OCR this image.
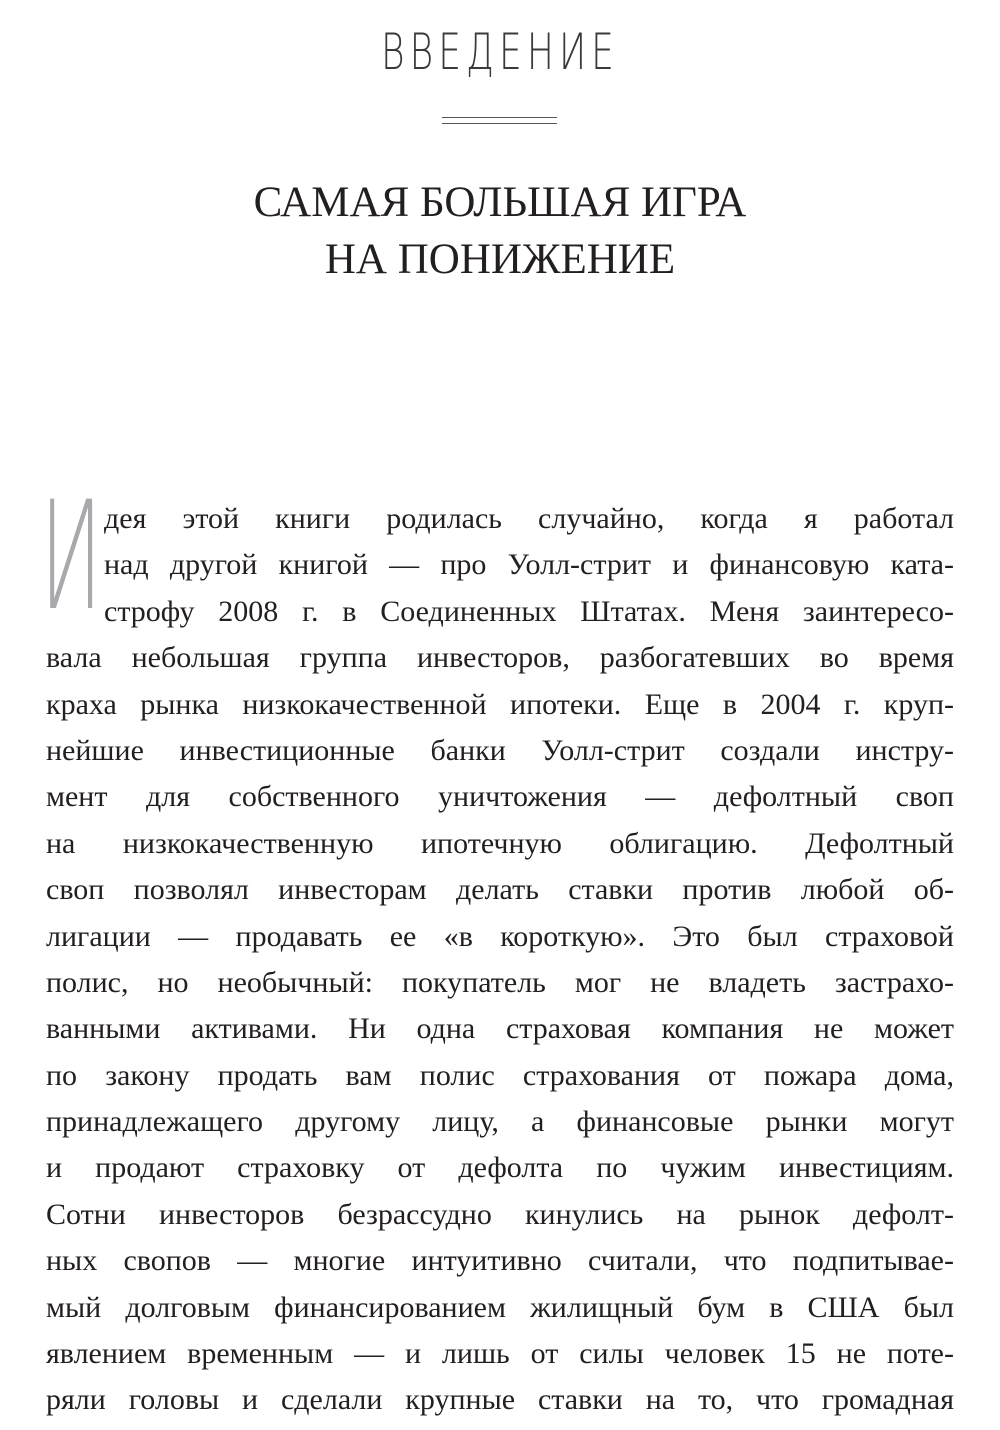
ВВЕДЕНИЕ
САМАЯ БОЛЬШАЯ ИГРА
НА ПОНИЖЕНИЕ
И дея этой книги родилась случайно, когда я работал
над другой книгой — про Уолл-стрит и финансовую ката-
строфу 2008 г. в Соединенных Штатах. Меня заинтересо-
вала небольшая группа инвесторов, разбогатевших во время
краха рынка низкокачественной ипотеки. Еще в 2004 г. круп-
нейшие инвестиционные банки Уолл-стрит создали инстру-
мент для собственного уничтожения — дефолтный своп
на низкокачественную ипотечную облигацию. Дефолтный
своп позволял инвесторам делать ставки против любой об-
лигации — продавать ее «в короткую». Это был страховой
полис, но необычный: покупатель мог не владеть застрахо-
ванными активами. Ни одна страховая компания не может
по закону продать вам полис страхования от пожара дома,
принадлежащего другому лицу, а финансовые рынки могут
и продают страховку от дефолта по чужим инвестициям.
Сотни инвесторов безрассудно кинулись на рынок дефолт-
ных свопов — многие интуитивно считали, что подпитывае-
мый долговым финансированием жилищный бум в США был
явлением временным — и лишь от силы человек 15 не поте-
ряли головы и сделали крупные ставки на то, что громадная
